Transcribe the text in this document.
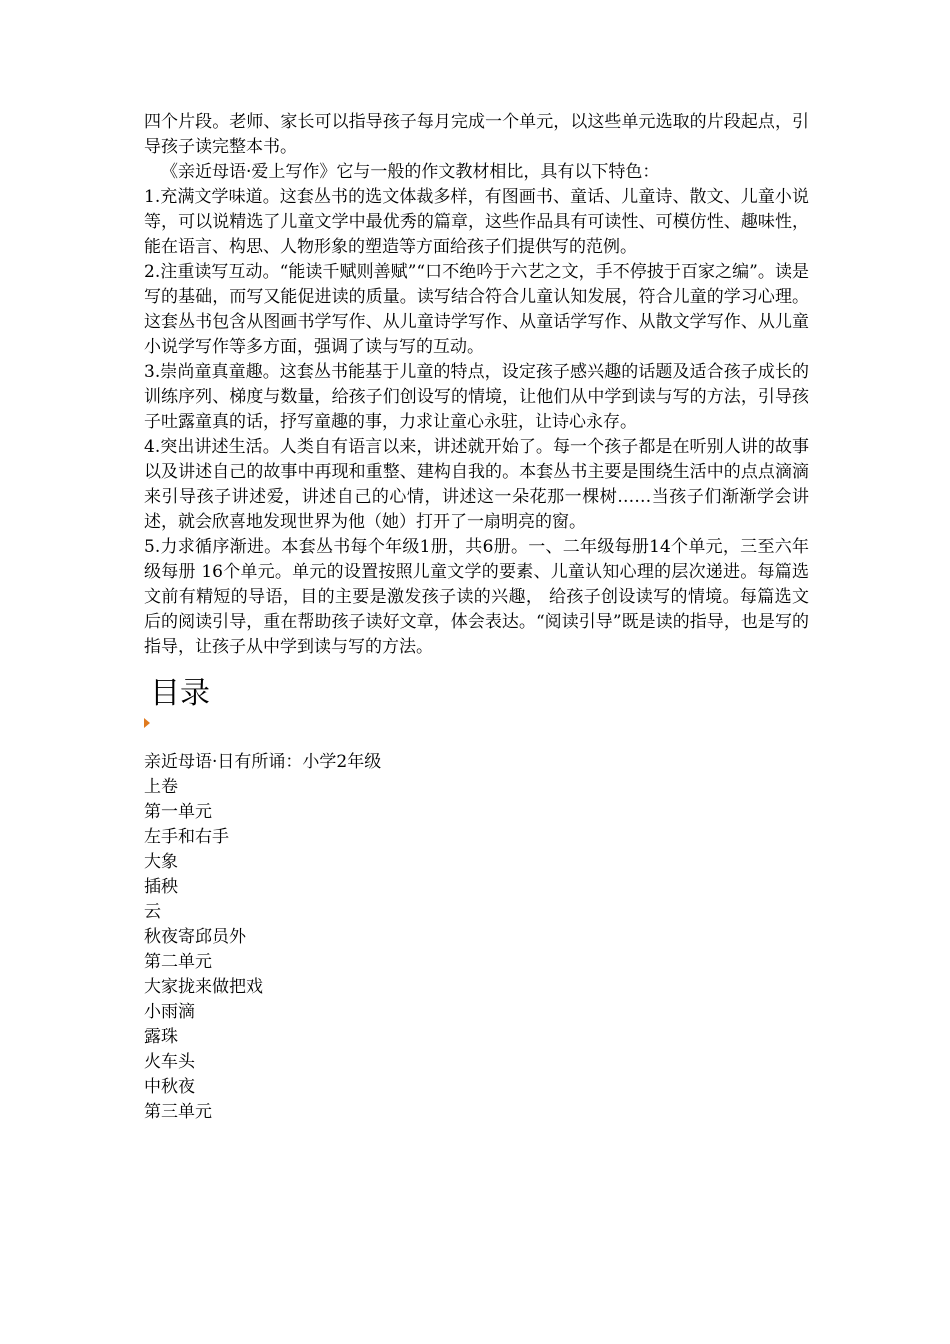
四个片段。老师、家长可以指导孩子每月完成一个单元，以这些单元选取的片段起点，引导孩子读完整本书。

《亲近母语·爱上写作》它与一般的作文教材相比，具有以下特色：

1.充满文学味道。这套丛书的选文体裁多样，有图画书、童话、儿童诗、散文、儿童小说等，可以说精选了儿童文学中最优秀的篇章，这些作品具有可读性、可模仿性、趣味性，能在语言、构思、人物形象的塑造等方面给孩子们提供写的范例。

2.注重读写互动。“能读千赋则善赋”“口不绝吟于六艺之文，手不停披于百家之编”。读是写的基础，而写又能促进读的质量。读写结合符合儿童认知发展，符合儿童的学习心理。这套丛书包含从图画书学写作、从儿童诗学写作、从童话学写作、从散文学写作、从儿童小说学写作等多方面，强调了读与写的互动。

3.崇尚童真童趣。这套丛书能基于儿童的特点，设定孩子感兴趣的话题及适合孩子成长的训练序列、梯度与数量，给孩子们创设写的情境，让他们从中学到读与写的方法，引导孩子吐露童真的话，抒写童趣的事，力求让童心永驻，让诗心永存。

4.突出讲述生活。人类自有语言以来，讲述就开始了。每一个孩子都是在听别人讲的故事以及讲述自己的故事中再现和重整、建构自我的。本套丛书主要是围绕生活中的点点滴滴来引导孩子讲述爱，讲述自己的心情，讲述这一朵花那一棵树……当孩子们渐渐学会讲述，就会欣喜地发现世界为他（她）打开了一扇明亮的窗。

5.力求循序渐进。本套丛书每个年级1册，共6册。一、二年级每册14个单元，三至六年级每册 16个单元。单元的设置按照儿童文学的要素、儿童认知心理的层次递进。每篇选文前有精短的导语，目的主要是激发孩子读的兴趣， 给孩子创设读写的情境。每篇选文后的阅读引导，重在帮助孩子读好文章，体会表达。“阅读引导”既是读的指导，也是写的指导，让孩子从中学到读与写的方法。

目录

亲近母语·日有所诵：小学2年级

上卷

第一单元

左手和右手

大象

插秧

云

秋夜寄邱员外

第二单元

大家拢来做把戏

小雨滴

露珠

火车头

中秋夜

第三单元
